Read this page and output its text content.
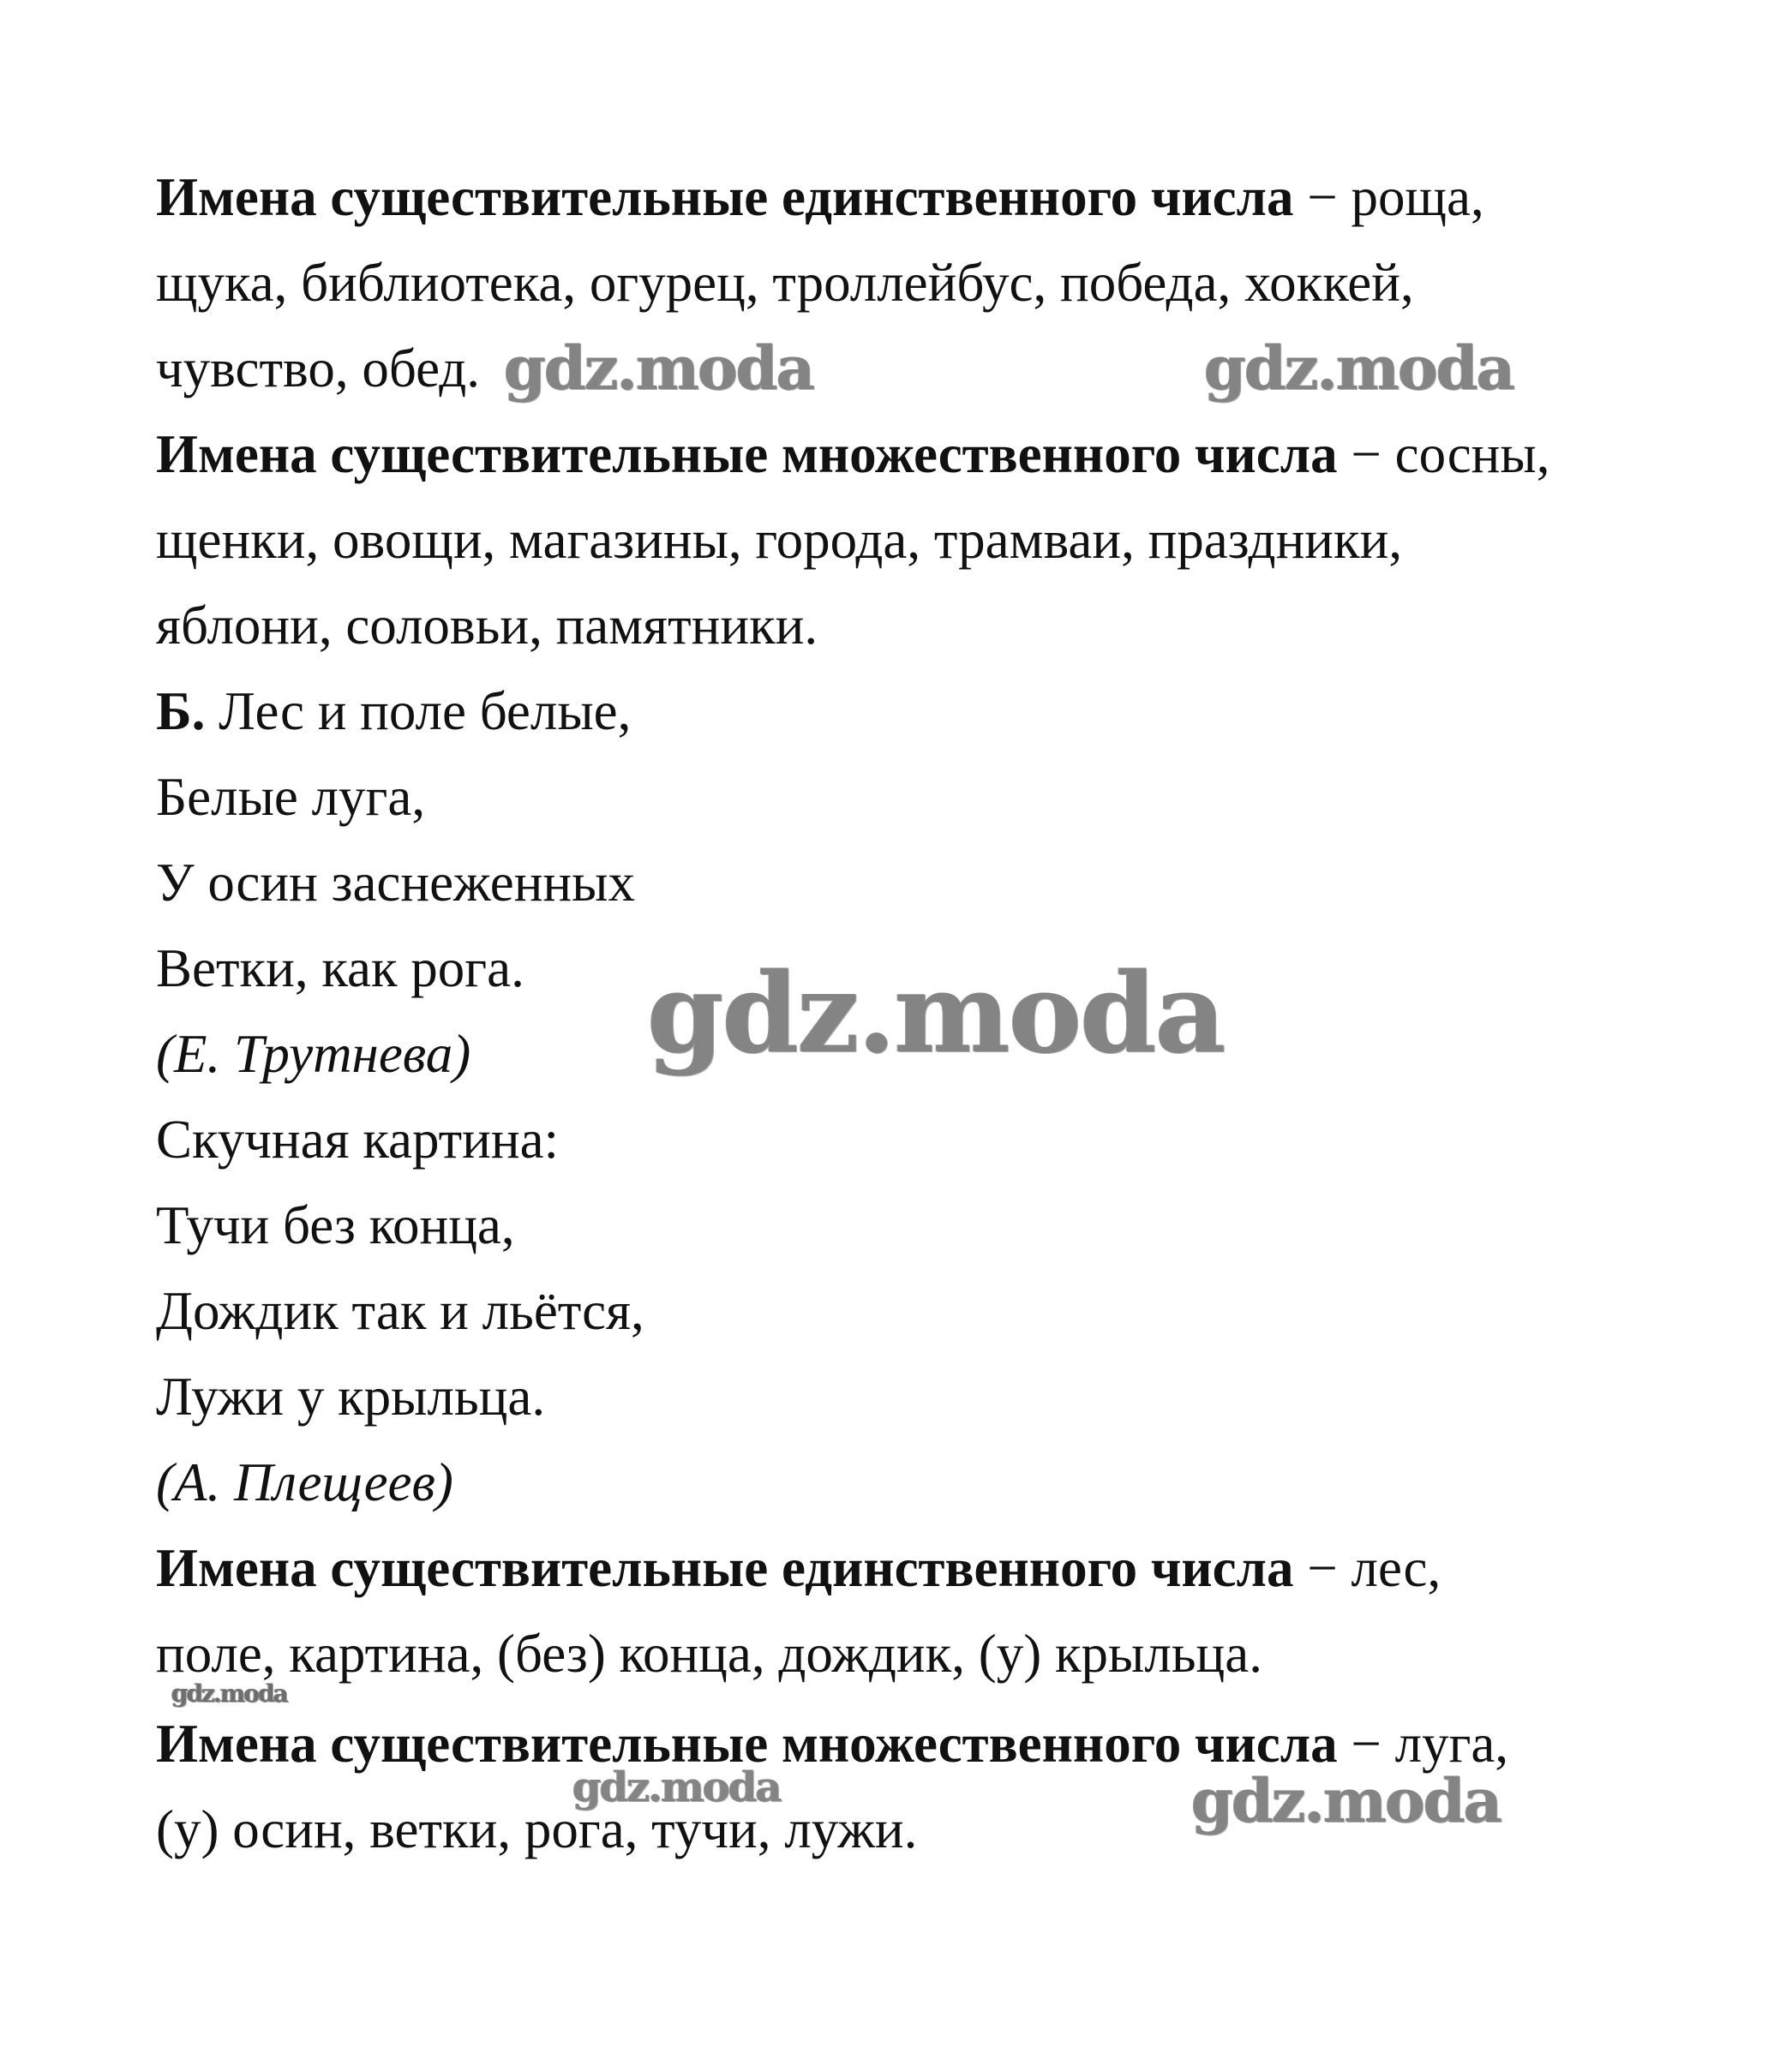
Имена существительные единственного числа − роща,
щука, библиотека, огурец, троллейбус, победа, хоккей,
чувство, обед.
Имена существительные множественного числа − сосны,
щенки, овощи, магазины, города, трамваи, праздники,
яблони, соловьи, памятники.
Б. Лес и поле белые,
Белые луга,
У осин заснеженных
Ветки, как рога.
(Е. Трутнева)
Скучная картина:
Тучи без конца,
Дождик так и льётся,
Лужи у крыльца.
(А. Плещеев)
Имена существительные единственного числа − лес,
поле, картина, (без) конца, дождик, (у) крыльца.
Имена существительные множественного числа − луга,
(у) осин, ветки, рога, тучи, лужи.
gdz.moda	gdz.moda
gdz.moda
gdz.moda
gdz.moda	gdz.moda
